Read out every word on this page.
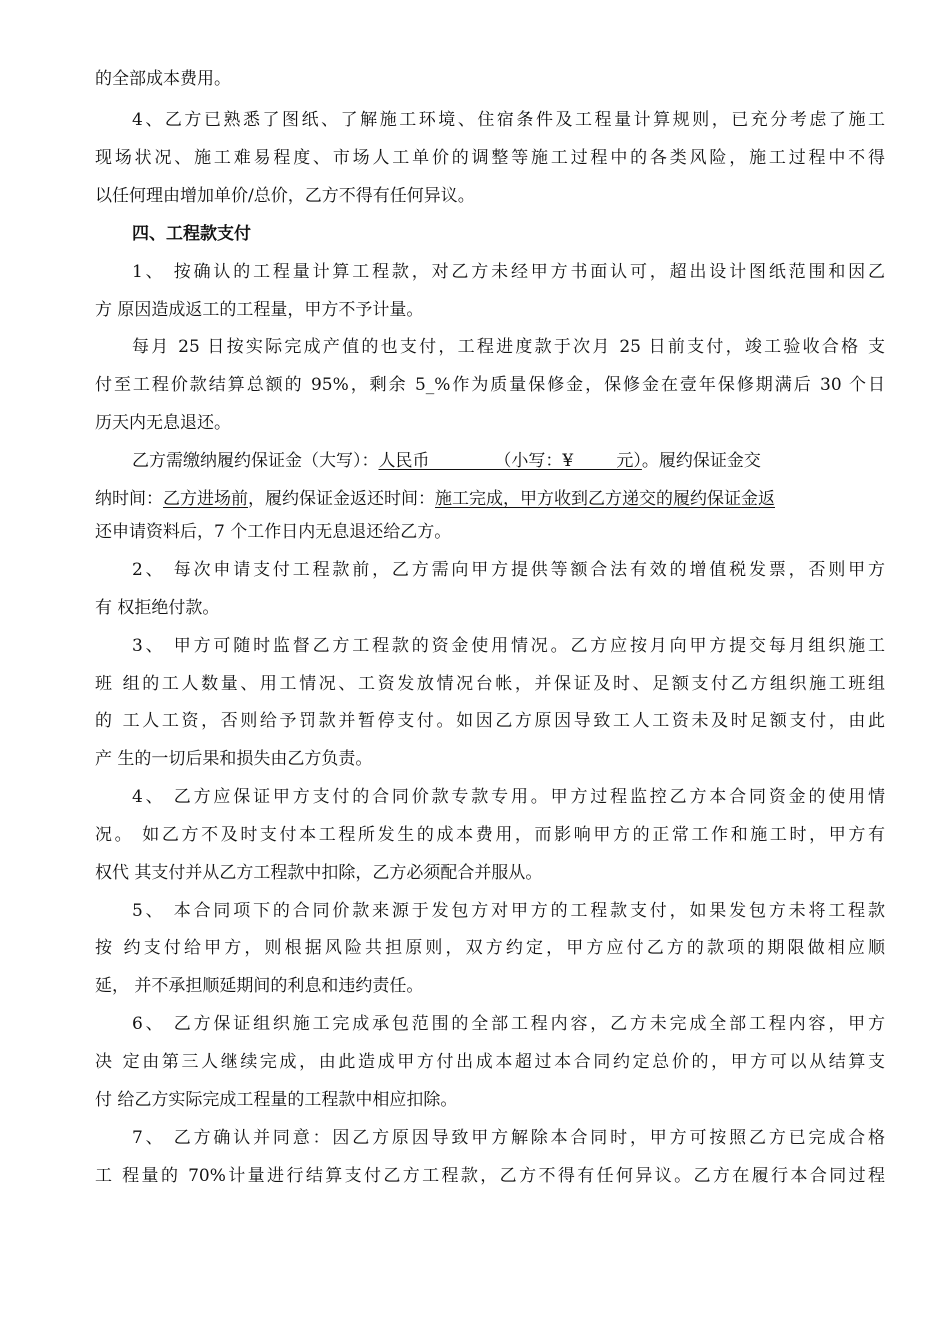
的全部成本费用。
4、乙方已熟悉了图纸、了解施工环境、住宿条件及工程量计算规则，已充分考虑了施工
现场状况、施工难易程度、市场人工单价的调整等施工过程中的各类风险，施工过程中不得
以任何理由增加单价/总价，乙方不得有任何异议。
四、工程款支付
1、 按确认的工程量计算工程款，对乙方未经甲方书面认可，超出设计图纸范围和因乙
方 原因造成返工的工程量，甲方不予计量。
每月 25 日按实际完成产值的也支付，工程进度款于次月 25 日前支付，竣工验收合格 支
付至工程价款结算总额的 95%，剩余 5_%作为质量保修金，保修金在壹年保修期满后 30 个日
历天内无息退还。
乙方需缴纳履约保证金（大写）：人民币            （小写：¥        元）。履约保证金交
纳时间：乙方进场前，履约保证金返还时间：施工完成，甲方收到乙方递交的履约保证金返
还申请资料后，7 个工作日内无息退还给乙方。
2、 每次申请支付工程款前，乙方需向甲方提供等额合法有效的增值税发票，否则甲方
有 权拒绝付款。
3、 甲方可随时监督乙方工程款的资金使用情况。乙方应按月向甲方提交每月组织施工
班 组的工人数量、用工情况、工资发放情况台帐，并保证及时、足额支付乙方组织施工班组
的 工人工资，否则给予罚款并暂停支付。如因乙方原因导致工人工资未及时足额支付，由此
产 生的一切后果和损失由乙方负责。
4、 乙方应保证甲方支付的合同价款专款专用。甲方过程监控乙方本合同资金的使用情
况。 如乙方不及时支付本工程所发生的成本费用，而影响甲方的正常工作和施工时，甲方有
权代 其支付并从乙方工程款中扣除，乙方必须配合并服从。
5、 本合同项下的合同价款来源于发包方对甲方的工程款支付，如果发包方未将工程款
按 约支付给甲方，则根据风险共担原则，双方约定，甲方应付乙方的款项的期限做相应顺
延， 并不承担顺延期间的利息和违约责任。
6、 乙方保证组织施工完成承包范围的全部工程内容，乙方未完成全部工程内容，甲方
决 定由第三人继续完成，由此造成甲方付出成本超过本合同约定总价的，甲方可以从结算支
付 给乙方实际完成工程量的工程款中相应扣除。
7、 乙方确认并同意：因乙方原因导致甲方解除本合同时，甲方可按照乙方已完成合格
工 程量的 70%计量进行结算支付乙方工程款，乙方不得有任何异议。乙方在履行本合同过程
